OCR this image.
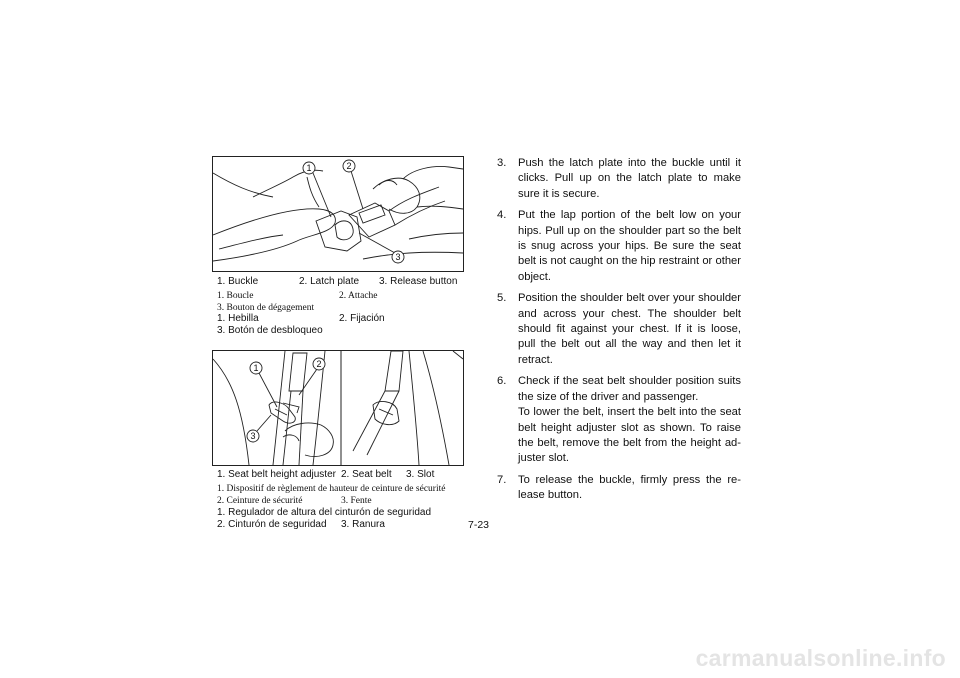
1	2
3
1. Buckle	2. Latch plate 3. Release button
1. Boucle	2. Attache
3. Bouton de dégagement
1. Hebilla	2. Fijación
3. Botón de desbloqueo
1	2
3
1. Seat belt height adjuster 2. Seat belt 3. Slot
1. Dispositif de règlement de hauteur de ceinture de sécurité
2. Ceinture de sécurité	3. Fente
1. Regulador de altura del cinturón de seguridad
2. Cinturón de seguridad 3. Ranura
3. Push the latch plate into the buckle until it clicks. Pull up on the latch plate to make sure it is secure.

4. Put the lap portion of the belt low on your hips. Pull up on the shoulder part so the belt is snug across your hips. Be sure the seat belt is not caught on the hip restraint or other object.

5. Position the shoulder belt over your shoulder and across your chest. The shoulder belt should fit against your chest. If it is loose, pull the belt out all the way and then let it retract.

6. Check if the seat belt shoulder position suits the size of the driver and passenger.

To lower the belt, insert the belt into the seat belt height adjuster slot as shown. To raise the belt, remove the belt from the height ad-juster slot.

7. To release the buckle, firmly press the re-lease button.

7-23
carmanualsonline.info
